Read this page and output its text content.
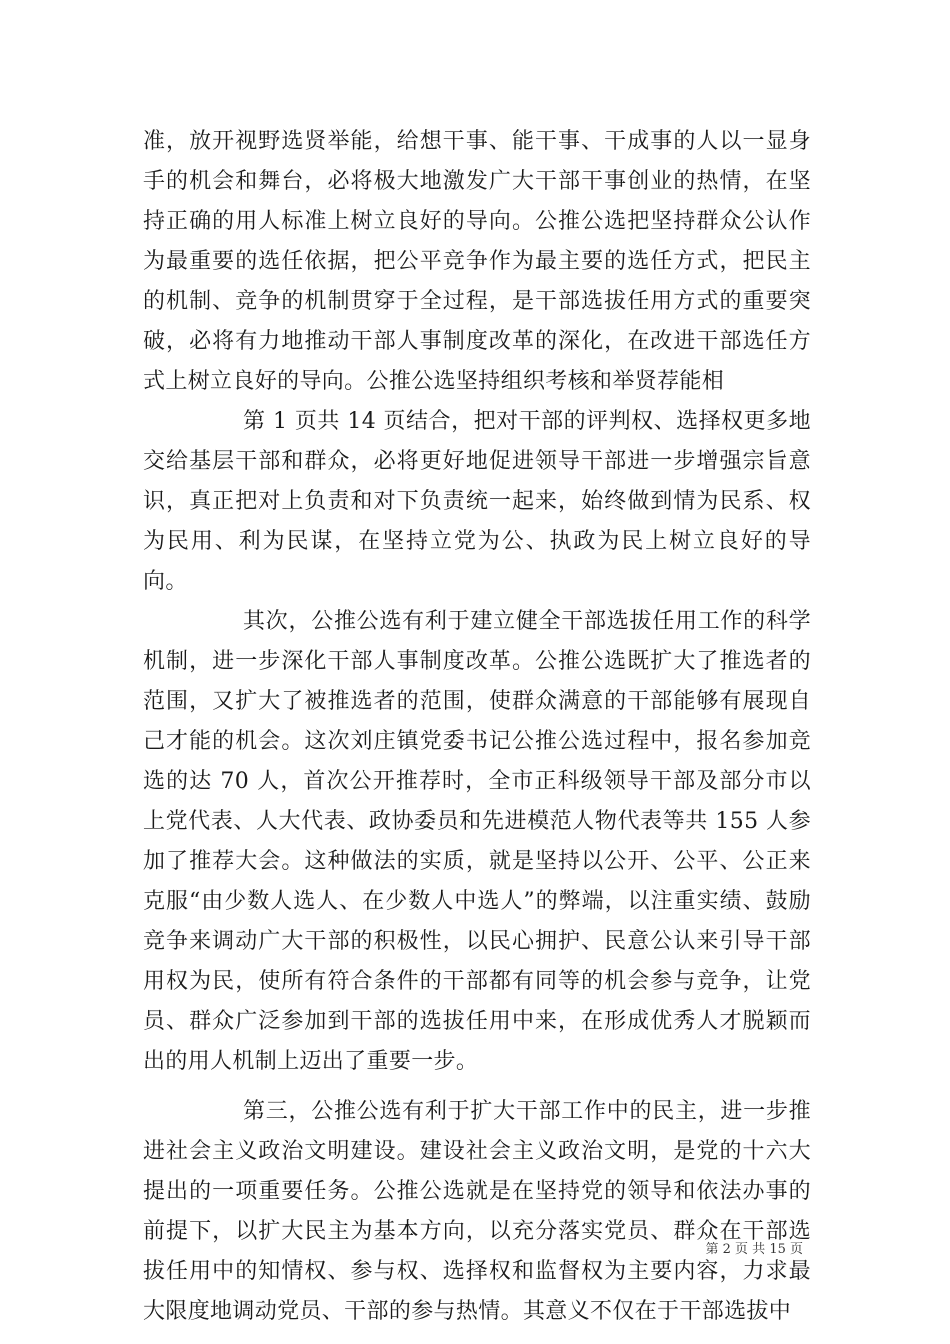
准，放开视野选贤举能，给想干事、能干事、干成事的人以一显身手的机会和舞台，必将极大地激发广大干部干事创业的热情，在坚持正确的用人标准上树立良好的导向。公推公选把坚持群众公认作为最重要的选任依据，把公平竞争作为最主要的选任方式，把民主的机制、竞争的机制贯穿于全过程，是干部选拔任用方式的重要突破，必将有力地推动干部人事制度改革的深化，在改进干部选任方式上树立良好的导向。公推公选坚持组织考核和举贤荐能相

第 1 页共 14 页结合，把对干部的评判权、选择权更多地交给基层干部和群众，必将更好地促进领导干部进一步增强宗旨意识，真正把对上负责和对下负责统一起来，始终做到情为民系、权为民用、利为民谋，在坚持立党为公、执政为民上树立良好的导向。

其次，公推公选有利于建立健全干部选拔任用工作的科学机制，进一步深化干部人事制度改革。公推公选既扩大了推选者的范围，又扩大了被推选者的范围，使群众满意的干部能够有展现自己才能的机会。这次刘庄镇党委书记公推公选过程中，报名参加竞选的达 70 人，首次公开推荐时，全市正科级领导干部及部分市以上党代表、人大代表、政协委员和先进模范人物代表等共 155 人参加了推荐大会。这种做法的实质，就是坚持以公开、公平、公正来克服“由少数人选人、在少数人中选人”的弊端，以注重实绩、鼓励竞争来调动广大干部的积极性，以民心拥护、民意公认来引导干部用权为民，使所有符合条件的干部都有同等的机会参与竞争，让党员、群众广泛参加到干部的选拔任用中来，在形成优秀人才脱颖而出的用人机制上迈出了重要一步。

第三，公推公选有利于扩大干部工作中的民主，进一步推进社会主义政治文明建设。建设社会主义政治文明，是党的十六大提出的一项重要任务。公推公选就是在坚持党的领导和依法办事的前提下，以扩大民主为基本方向，以充分落实党员、群众在干部选拔任用中的知情权、参与权、选择权和监督权为主要内容，力求最大限度地调动党员、干部的参与热情。其意义不仅在于干部选拔中

第 2 页 共 15 页
